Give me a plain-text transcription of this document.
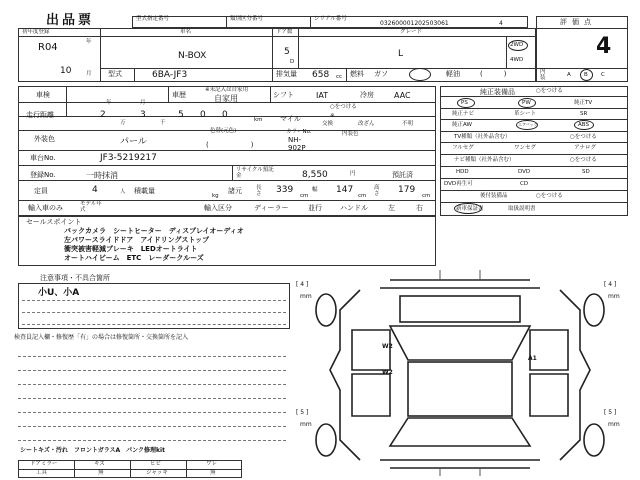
出品票	型式指定番号	類別区分番号	シリアル番号
032600001202503061	4	評価点
4
初年度登録
R04	年
10	月
車名
N-BOX
ドア数
5
D
グレード
L
2WD
4WD
型式	6BA-JF3	排気量 658 cc 燃料 ガソ	軽油	(　　　)	内装	A B C
車検
年	月
車歴
※未記入は自家用
自家用	シフト	IAT	冷房	AAC
走行距離	2
万
3
千
5 0 0	km
○をつける
マイル	※
交換	改ざん	不明
外装色	パール
色替(元色)
(　　　　　　)
カラーNo.
NH-902P
内装色
車台No.	JF3-5219217
登録No.	一時抹消
リサイクル預託金	8,550	円	預託済
定員	4	人 積載量
kg
諸元	長さ 339
cm
幅 147
cm
高さ 179
cm
輸入車のみ	モデル年式	輸入区分	ディーラー	並行	ハンドル	左	右
純正装備品	○をつける
PS	PW	純正TV
純正ナビ	革シート	SR
純正AW	エアバッグ	ABS
TV種類（社外品含む）	○をつける
フルセグ	ワンセグ	アナログ
ナビ種類（社外品含む）	○をつける
HDD	DVD	SD
DVD再生可	CD
後付装備品	○をつける
新車保証書	取扱説明書
セールスポイント
バックカメラ　シートヒーター　ディスプレイオーディオ
左パワースライドドア　アイドリングストップ
衝突被害軽減ブレーキ　LEDオートライト
オートハイビーム　ETC　レーダークルーズ
注意事項・不具合箇所
小U、小A
検査員記入欄・修復歴「有」の場合は修復箇所・交換箇所を記入
シートキズ・汚れ　フロントガラスA　パンク修理kit
ドアミラー	キズ	ヒビ	ワレ
工具	無	ジャッキ	無
[ 4 ]
mm
[ 4 ]
mm
[ 5 ]
mm
[ 5 ]
mm
W2
W2
A1
